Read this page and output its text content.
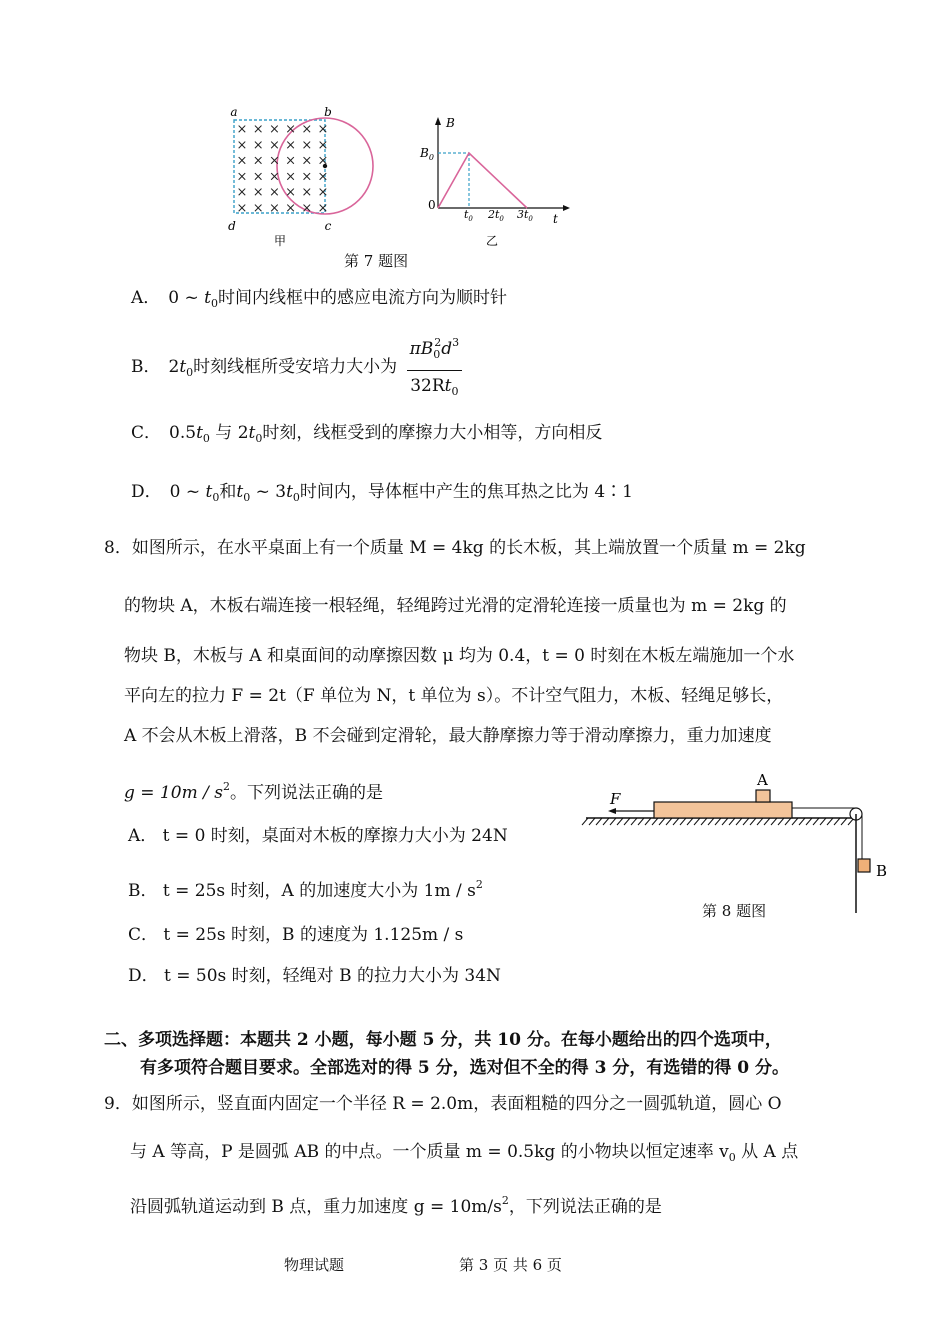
× × × × × ×
× × × × × ×
× × × × × ×
× × × × × ×
× × × × × ×
× × × × × ×
a	b
c
d
甲
B
t
0
$B_0$
$t_0$ $2t_0$ $3t_0$
乙
第 7 题图
A． 0 ~ $t_0$时间内线框中的感应电流方向为顺时针
B． $2t_0$时刻线框所受安培力大小为 $\frac{\pi B_0^2d^3}{32Rt_0}$
C． $0.5t_0$ 与 $2t_0$时刻，线框受到的摩擦力大小相等，方向相反
D． 0 ~ $t_0$和$t_0$ ~ $3t_0$时间内，导体框中产生的焦耳热之比为 4∶1
8．如图所示，在水平桌面上有一个质量 M = 4kg 的长木板，其上端放置一个质量 m = 2kg
的物块 A，木板右端连接一根轻绳，轻绳跨过光滑的定滑轮连接一质量也为 m = 2kg 的
物块 B，木板与 A 和桌面间的动摩擦因数 μ 均为 0.4，t = 0 时刻在木板左端施加一个水
平向左的拉力 F = 2t（F 单位为 N，t 单位为 s）。不计空气阻力，木板、轻绳足够长，
A 不会从木板上滑落，B 不会碰到定滑轮，最大静摩擦力等于滑动摩擦力，重力加速度
$g = 10m / s^2$。下列说法正确的是
A． t = 0 时刻，桌面对木板的摩擦力大小为 24N
B． t = 25s 时刻，A 的加速度大小为 $1m / s^2$
C． t = 25s 时刻，B 的速度为 1.125m / s
D． t = 50s 时刻，轻绳对 B 的拉力大小为 34N
F
A
B
第 8 题图
二、多项选择题：本题共 2 小题，每小题 5 分，共 10 分。在每小题给出的四个选项中，
有多项符合题目要求。全部选对的得 5 分，选对但不全的得 3 分，有选错的得 0 分。
9．如图所示，竖直面内固定一个半径 R = 2.0m，表面粗糙的四分之一圆弧轨道，圆心 O
与 A 等高，P 是圆弧 AB 的中点。一个质量 m = 0.5kg 的小物块以恒定速率 $v_0$ 从 A 点
沿圆弧轨道运动到 B 点，重力加速度 $g = 10m/s^2$，下列说法正确的是
物理试题	第 3 页 共 6 页
